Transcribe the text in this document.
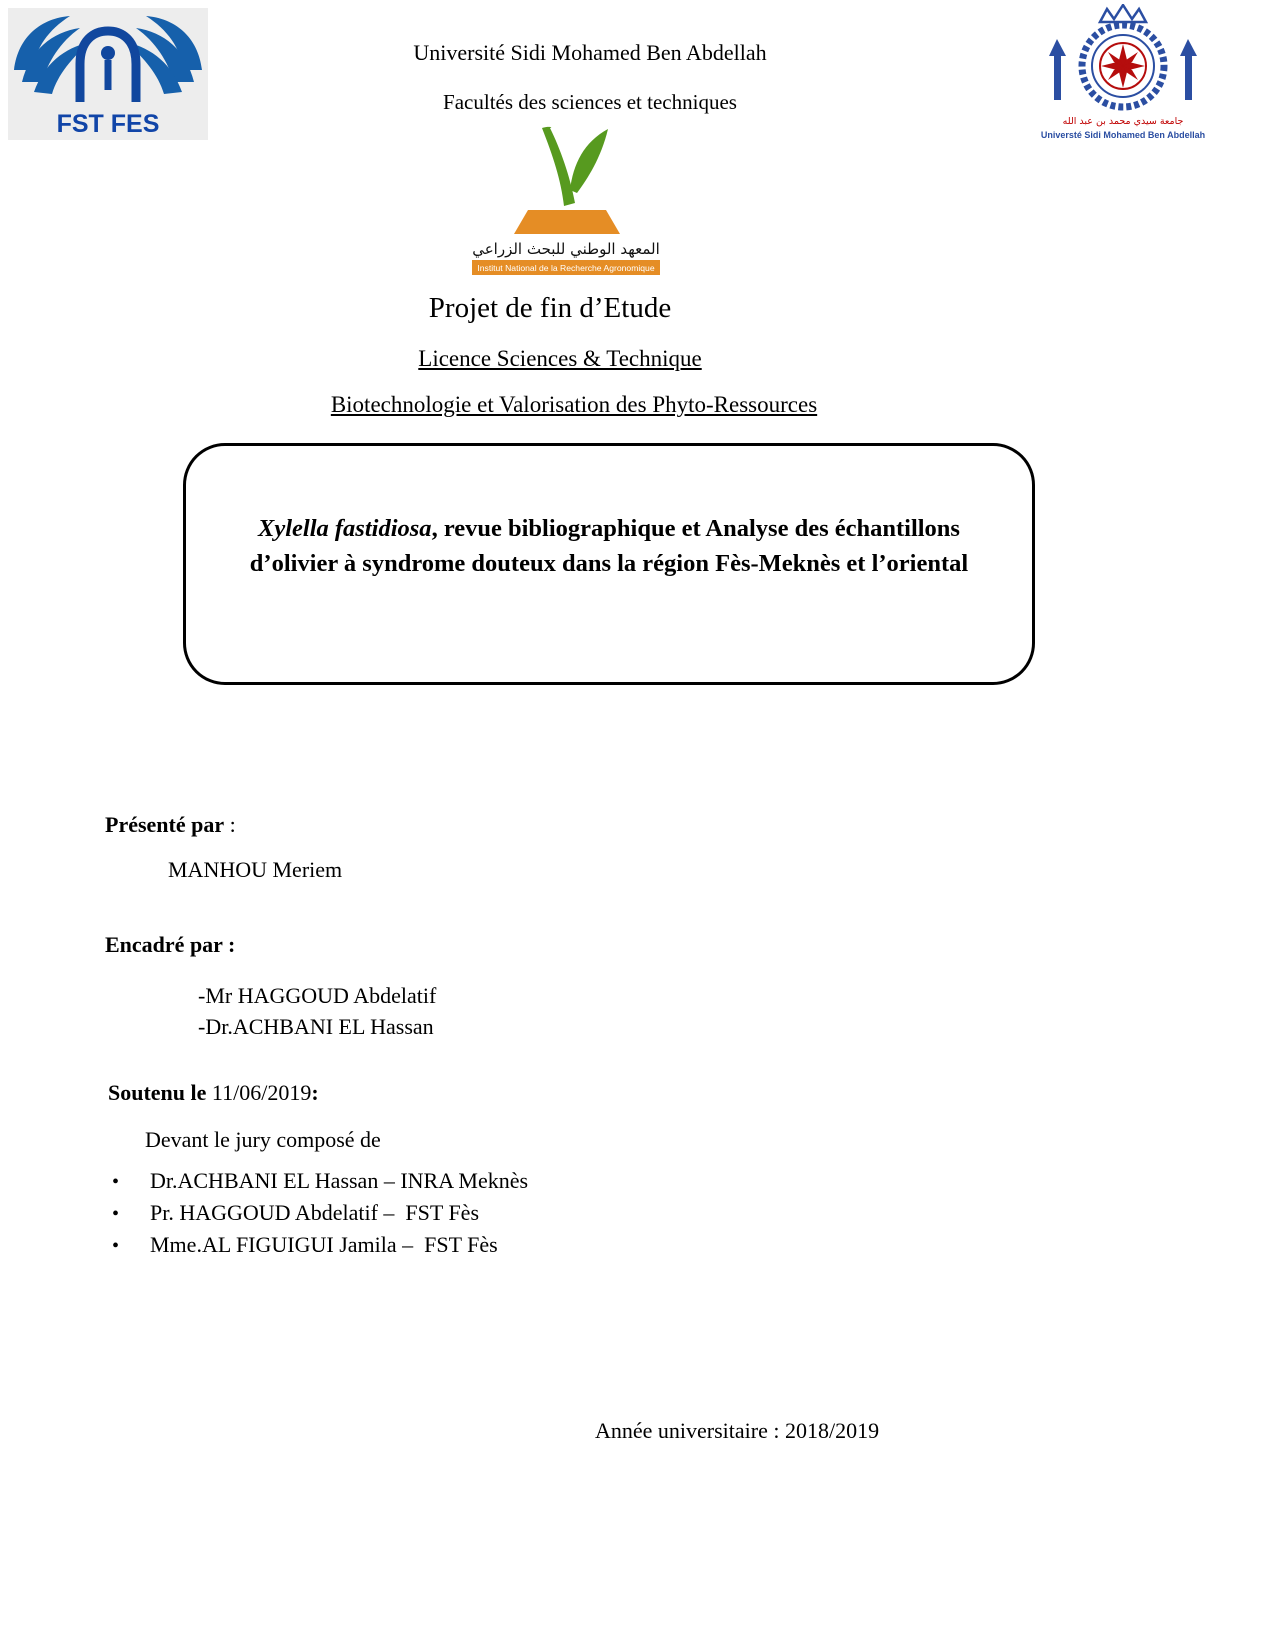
FST FES	جامعة سيدي محمد بن عبد الله
Universté Sidi Mohamed Ben Abdellah
Université Sidi Mohamed Ben Abdellah
Facultés des sciences et techniques
المعهد الوطني للبحث الزراعي
Institut National de la Recherche Agronomique
Projet de fin d’Etude
Licence Sciences & Technique
Biotechnologie et Valorisation des Phyto-Ressources

Xylella fastidiosa, revue bibliographique et Analyse des échantillons d’olivier à syndrome douteux dans la région Fès-Meknès et l’oriental

Présenté par :
MANHOU Meriem
Encadré par :
-Mr HAGGOUD Abdelatif
-Dr.ACHBANI EL Hassan
Soutenu le 11/06/2019:
Devant le jury composé de
•	Dr.ACHBANI EL Hassan – INRA Meknès
•	Pr. HAGGOUD Abdelatif –  FST Fès
•	Mme.AL FIGUIGUI Jamila –  FST Fès
Année universitaire : 2018/2019
